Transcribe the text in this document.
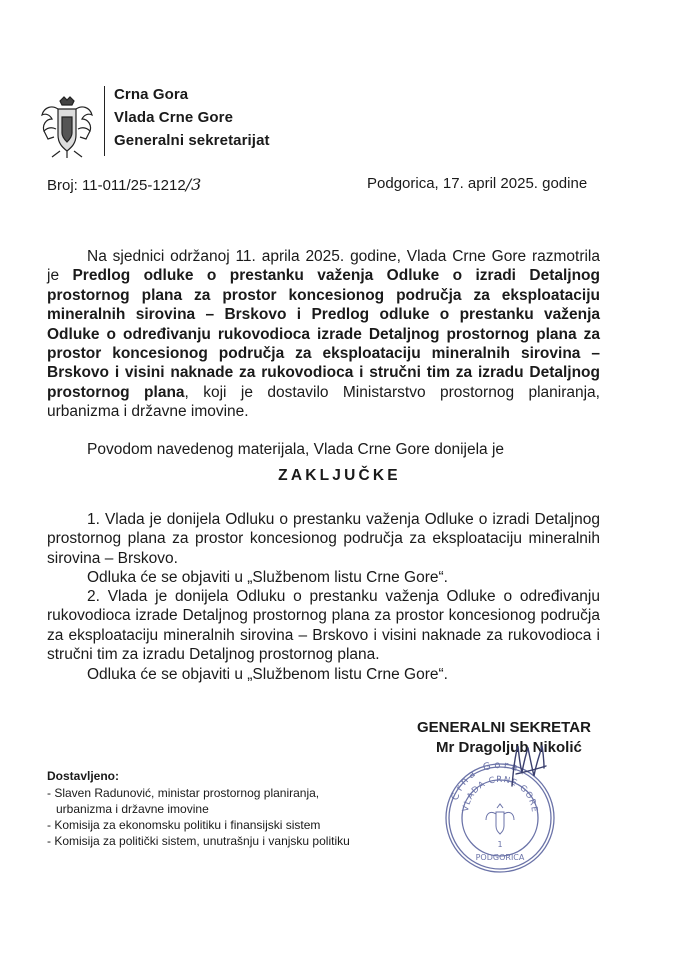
Crna Gora
Vlada Crne Gore
Generalni sekretarijat
Broj: 11-011/25-1212/3	Podgorica, 17. april 2025. godine
Na sjednici održanoj 11. aprila 2025. godine, Vlada Crne Gore razmotrila je Predlog odluke o prestanku važenja Odluke o izradi Detaljnog prostornog plana za prostor koncesionog područja za eksploataciju mineralnih sirovina – Brskovo i Predlog odluke o prestanku važenja Odluke o određivanju rukovodioca izrade Detaljnog prostornog plana za prostor koncesionog područja za eksploataciju mineralnih sirovina – Brskovo i visini naknade za rukovodioca i stručni tim za izradu Detaljnog prostornog plana, koji je dostavilo Ministarstvo prostornog planiranja, urbanizma i državne imovine.
Povodom navedenog materijala, Vlada Crne Gore donijela je
ZAKLJUČKE
1. Vlada je donijela Odluku o prestanku važenja Odluke o izradi Detaljnog prostornog plana za prostor koncesionog područja za eksploataciju mineralnih sirovina – Brskovo.
Odluka će se objaviti u „Službenom listu Crne Gore“.
2. Vlada je donijela Odluku o prestanku važenja Odluke o određivanju rukovodioca izrade Detaljnog prostornog plana za prostor koncesionog područja za eksploataciju mineralnih sirovina – Brskovo i visini naknade za rukovodioca i stručni tim za izradu Detaljnog prostornog plana.
Odluka će se objaviti u „Službenom listu Crne Gore“.
GENERALNI SEKRETAR
Mr Dragoljub Nikolić
Crna Gora
VLADA CRNE GORE
1
PODGORICA
Dostavljeno:
- Slaven Radunović, ministar prostornog planiranja,
urbanizma i državne imovine
- Komisija za ekonomsku politiku i finansijski sistem
- Komisija za politički sistem, unutrašnju i vanjsku politiku
